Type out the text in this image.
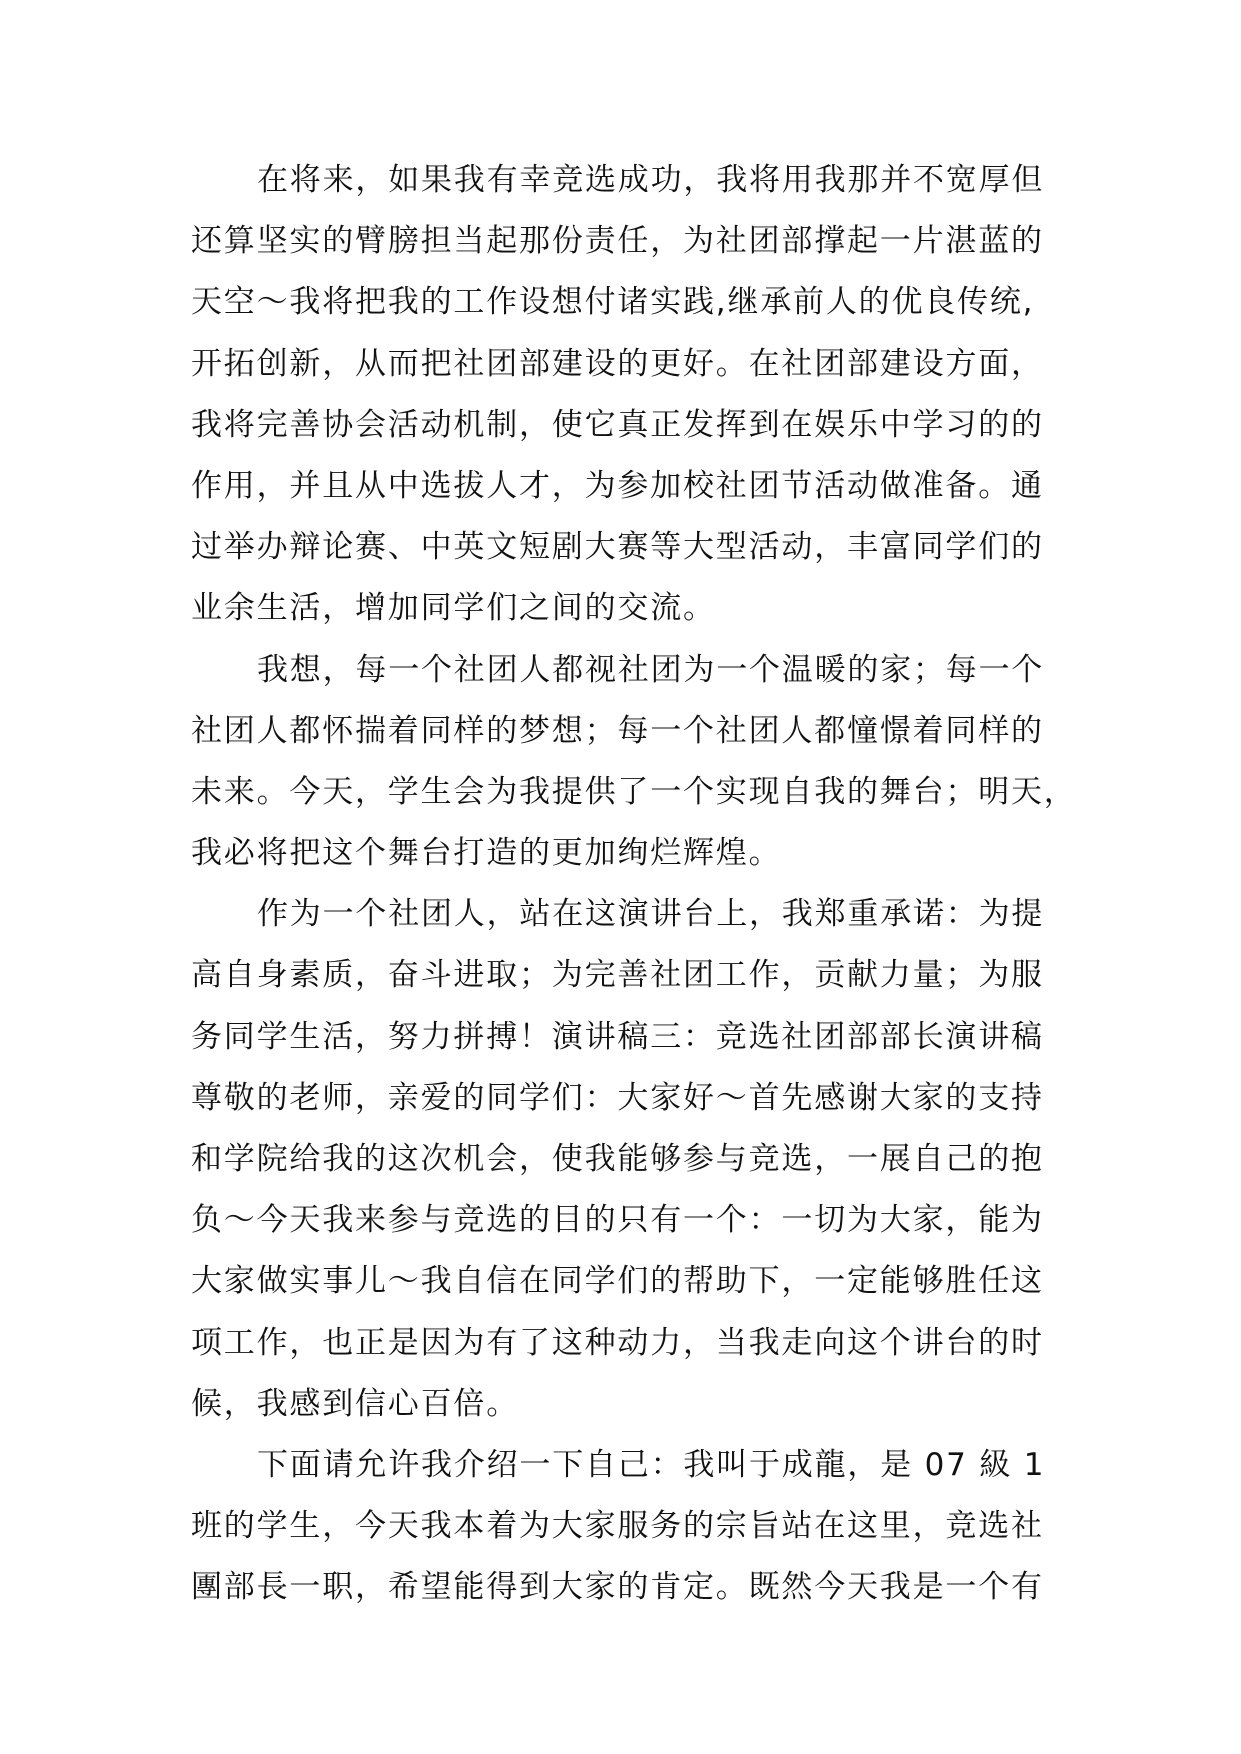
在将来，如果我有幸竞选成功，我将用我那并不宽厚但
还算坚实的臂膀担当起那份责任，为社团部撑起一片湛蓝的
天空～我将把我的工作设想付诸实践,继承前人的优良传统,
开拓创新，从而把社团部建设的更好。在社团部建设方面，
我将完善协会活动机制，使它真正发挥到在娱乐中学习的的
作用，并且从中选拔人才，为参加校社团节活动做准备。通
过举办辩论赛、中英文短剧大赛等大型活动，丰富同学们的
业余生活，增加同学们之间的交流。
我想，每一个社团人都视社团为一个温暖的家；每一个
社团人都怀揣着同样的梦想；每一个社团人都憧憬着同样的
未来。今天，学生会为我提供了一个实现自我的舞台；明天，
我必将把这个舞台打造的更加绚烂辉煌。
作为一个社团人，站在这演讲台上，我郑重承诺：为提
高自身素质，奋斗进取；为完善社团工作，贡献力量；为服
务同学生活，努力拼搏！演讲稿三：竞选社团部部长演讲稿
尊敬的老师，亲爱的同学们：大家好～首先感谢大家的支持
和学院给我的这次机会，使我能够参与竞选，一展自己的抱
负～今天我来参与竞选的目的只有一个：一切为大家，能为
大家做实事儿～我自信在同学们的帮助下，一定能够胜任这
项工作，也正是因为有了这种动力，当我走向这个讲台的时
候，我感到信心百倍。
下面请允许我介绍一下自己：我叫于成龍，是 07 級 1
班的学生，今天我本着为大家服务的宗旨站在这里，竞选社
團部長一职，希望能得到大家的肯定。既然今天我是一个有
